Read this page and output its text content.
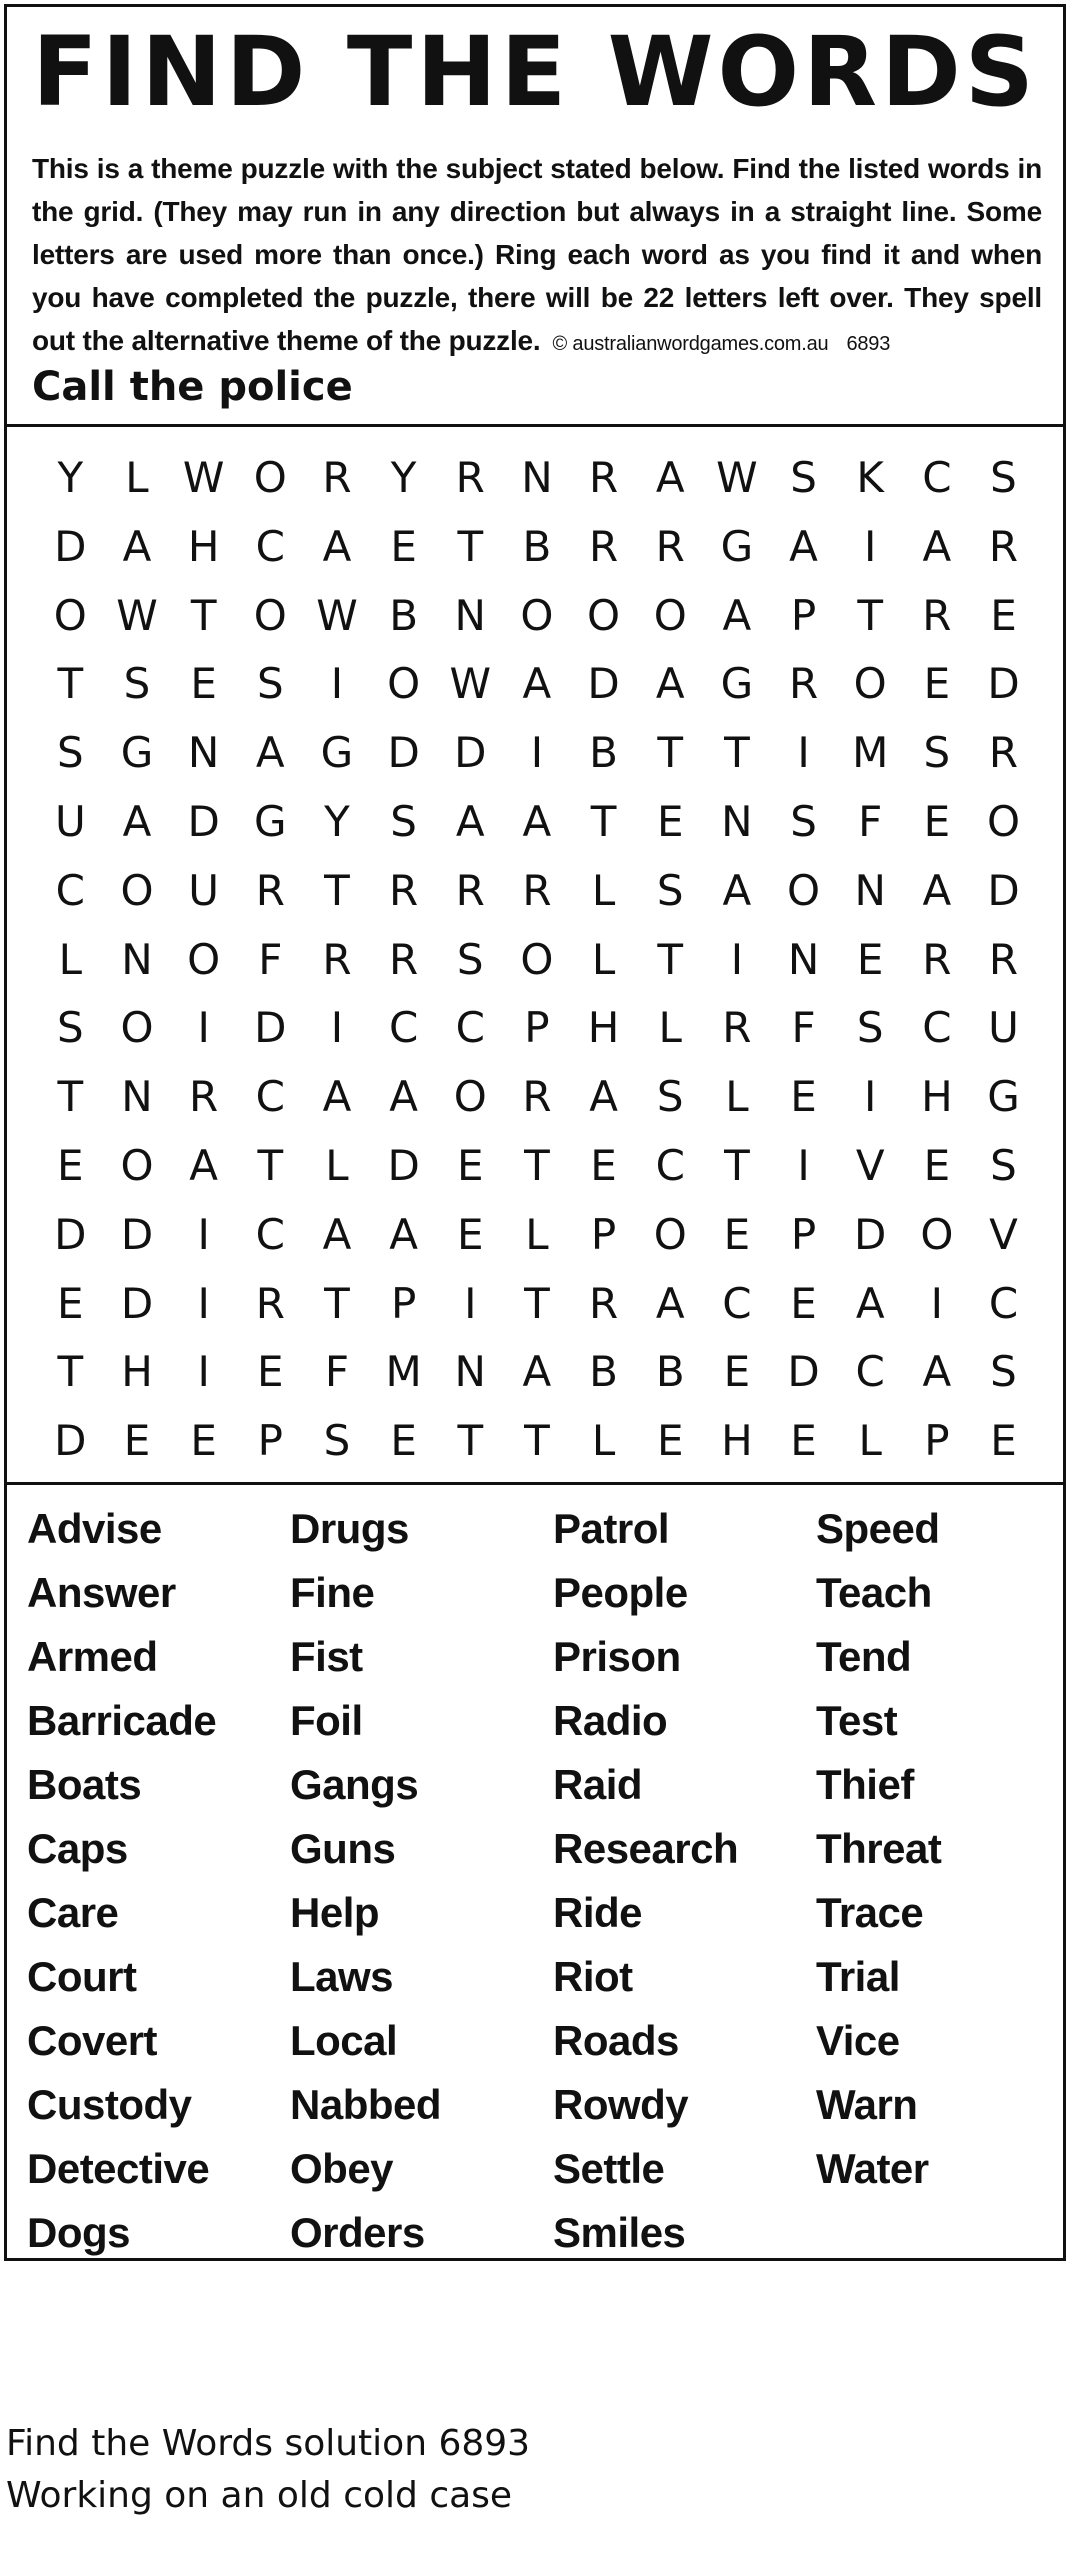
FIND THE WORDS
This is a theme puzzle with the subject stated below. Find the listed words in the grid. (They may run in any direction but always in a straight line. Some letters are used more than once.) Ring each word as you find it and when you have completed the puzzle, there will be 22 letters left over. They spell out the alternative theme of the puzzle. © australianwordgames.com.au 6893
Call the police
Y	L W O R Y R N R A W S K C S
D A H C A E T B R R G A	I	A R
O W T O W B N O O O A P T R E
T S E S	I	O W A D A G R O E D
S G N A G D D	I	B T T	I	M S R
U A D G Y S A A T E N S F E O
C O U R T R R R L S A O N A D
L N O F R R S O L	T	I	N E R R
S O	I	D	I	C C P H L R F S C U
T N R C A A O R A S L E	I	H G
E O A T	L D E T E C T	I	V E S
D D	I	C A A E L	P O E P D O V
E D	I	R T P	I	T R A C E A	I	C
T H	I	E F M N A B B E D C A S
D E E P S E T T	L E H E L	P E
Advise
Answer
Armed
Barricade
Boats
Caps
Care
Court
Covert
Custody
Detective
Dogs
Drugs
Fine
Fist
Foil
Gangs
Guns
Help
Laws
Local
Nabbed
Obey
Orders
Patrol
People
Prison
Radio
Raid
Research
Ride
Riot
Roads
Rowdy
Settle
Smiles
Speed
Teach
Tend
Test
Thief
Threat
Trace
Trial
Vice
Warn
Water
Find the Words solution 6893
Working on an old cold case
